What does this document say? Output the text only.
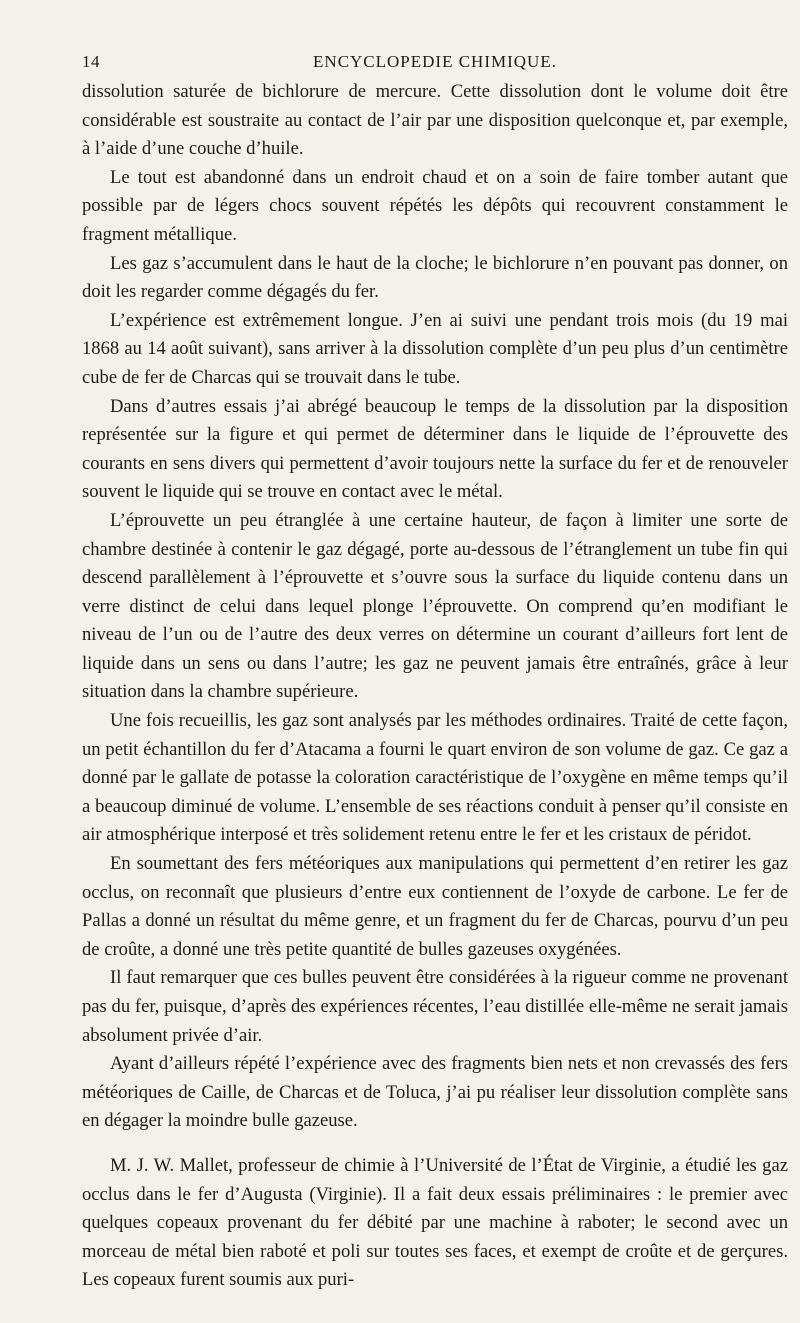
14	ENCYCLOPEDIE CHIMIQUE.

dissolution saturée de bichlorure de mercure. Cette dissolution dont le volume doit être considérable est soustraite au contact de l’air par une disposition quelconque et, par exemple, à l’aide d’une couche d’huile.

Le tout est abandonné dans un endroit chaud et on a soin de faire tomber autant que possible par de légers chocs souvent répétés les dépôts qui recouvrent constamment le fragment métallique.

Les gaz s’accumulent dans le haut de la cloche; le bichlorure n’en pouvant pas donner, on doit les regarder comme dégagés du fer.

L’expérience est extrêmement longue. J’en ai suivi une pendant trois mois (du 19 mai 1868 au 14 août suivant), sans arriver à la dissolution complète d’un peu plus d’un centimètre cube de fer de Charcas qui se trouvait dans le tube.

Dans d’autres essais j’ai abrégé beaucoup le temps de la dissolution par la disposition représentée sur la figure et qui permet de déterminer dans le liquide de l’éprouvette des courants en sens divers qui permettent d’avoir toujours nette la surface du fer et de renouveler souvent le liquide qui se trouve en contact avec le métal.

L’éprouvette un peu étranglée à une certaine hauteur, de façon à limiter une sorte de chambre destinée à contenir le gaz dégagé, porte au-dessous de l’étranglement un tube fin qui descend parallèlement à l’éprouvette et s’ouvre sous la surface du liquide contenu dans un verre distinct de celui dans lequel plonge l’éprouvette. On comprend qu’en modifiant le niveau de l’un ou de l’autre des deux verres on détermine un courant d’ailleurs fort lent de liquide dans un sens ou dans l’autre; les gaz ne peuvent jamais être entraînés, grâce à leur situation dans la chambre supérieure.

Une fois recueillis, les gaz sont analysés par les méthodes ordinaires. Traité de cette façon, un petit échantillon du fer d’Atacama a fourni le quart environ de son volume de gaz. Ce gaz a donné par le gallate de potasse la coloration caractéristique de l’oxygène en même temps qu’il a beaucoup diminué de volume. L’ensemble de ses réactions conduit à penser qu’il consiste en air atmosphérique interposé et très solidement retenu entre le fer et les cristaux de péridot.

En soumettant des fers météoriques aux manipulations qui permettent d’en retirer les gaz occlus, on reconnaît que plusieurs d’entre eux contiennent de l’oxyde de carbone. Le fer de Pallas a donné un résultat du même genre, et un fragment du fer de Charcas, pourvu d’un peu de croûte, a donné une très petite quantité de bulles gazeuses oxygénées.

Il faut remarquer que ces bulles peuvent être considérées à la rigueur comme ne provenant pas du fer, puisque, d’après des expériences récentes, l’eau distillée elle-même ne serait jamais absolument privée d’air.

Ayant d’ailleurs répété l’expérience avec des fragments bien nets et non crevassés des fers météoriques de Caille, de Charcas et de Toluca, j’ai pu réaliser leur dissolution complète sans en dégager la moindre bulle gazeuse.

M. J. W. Mallet, professeur de chimie à l’Université de l’État de Virginie, a étudié les gaz occlus dans le fer d’Augusta (Virginie). Il a fait deux essais préliminaires : le premier avec quelques copeaux provenant du fer débité par une machine à raboter; le second avec un morceau de métal bien raboté et poli sur toutes ses faces, et exempt de croûte et de gerçures. Les copeaux furent soumis aux puri-
